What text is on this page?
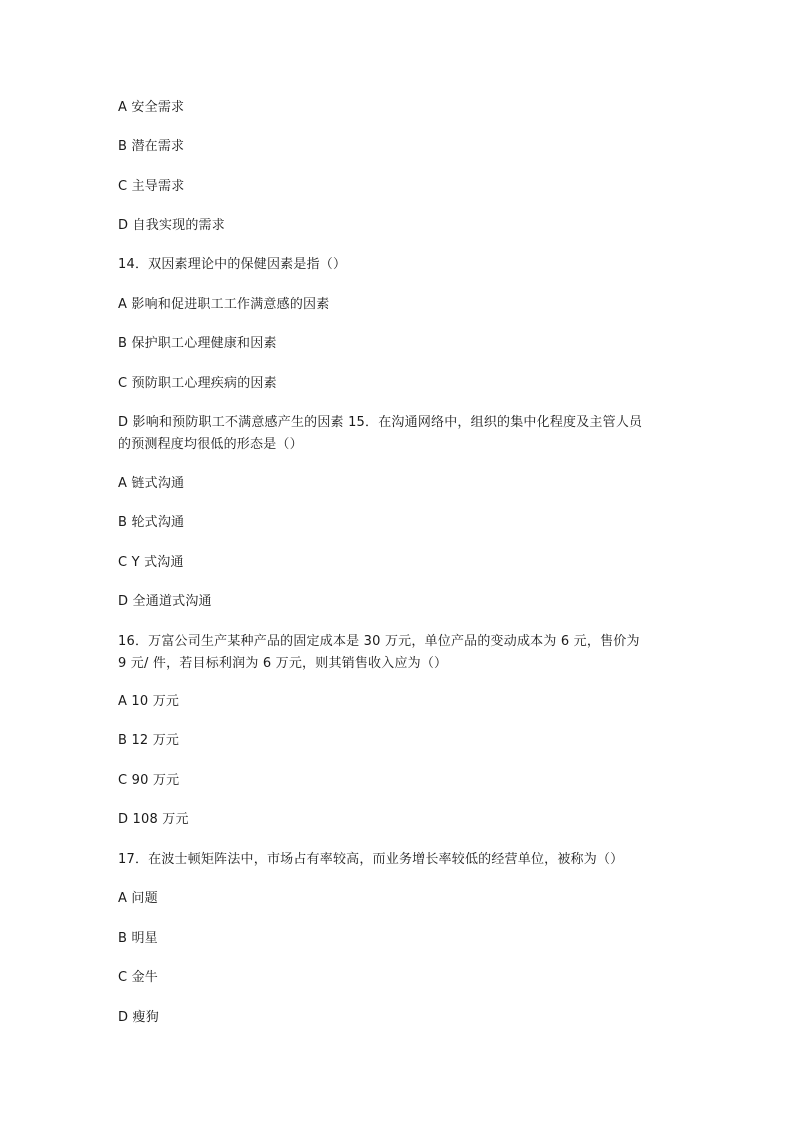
A 安全需求
B 潜在需求
C 主导需求
D 自我实现的需求
14．双因素理论中的保健因素是指（）
A 影响和促进职工工作满意感的因素
B 保护职工心理健康和因素
C 预防职工心理疾病的因素
D 影响和预防职工不满意感产生的因素 15．在沟通网络中，组织的集中化程度及主管人员
的预测程度均很低的形态是（）
A 链式沟通
B 轮式沟通
C Y 式沟通
D 全通道式沟通
16．万富公司生产某种产品的固定成本是 30 万元，单位产品的变动成本为 6 元，售价为
9 元/ 件，若目标利润为 6 万元，则其销售收入应为（）
A 10 万元
B 12 万元
C 90 万元
D 108 万元
17．在波士顿矩阵法中，市场占有率较高，而业务增长率较低的经营单位，被称为（）
A 问题
B 明星
C 金牛
D 瘦狗
